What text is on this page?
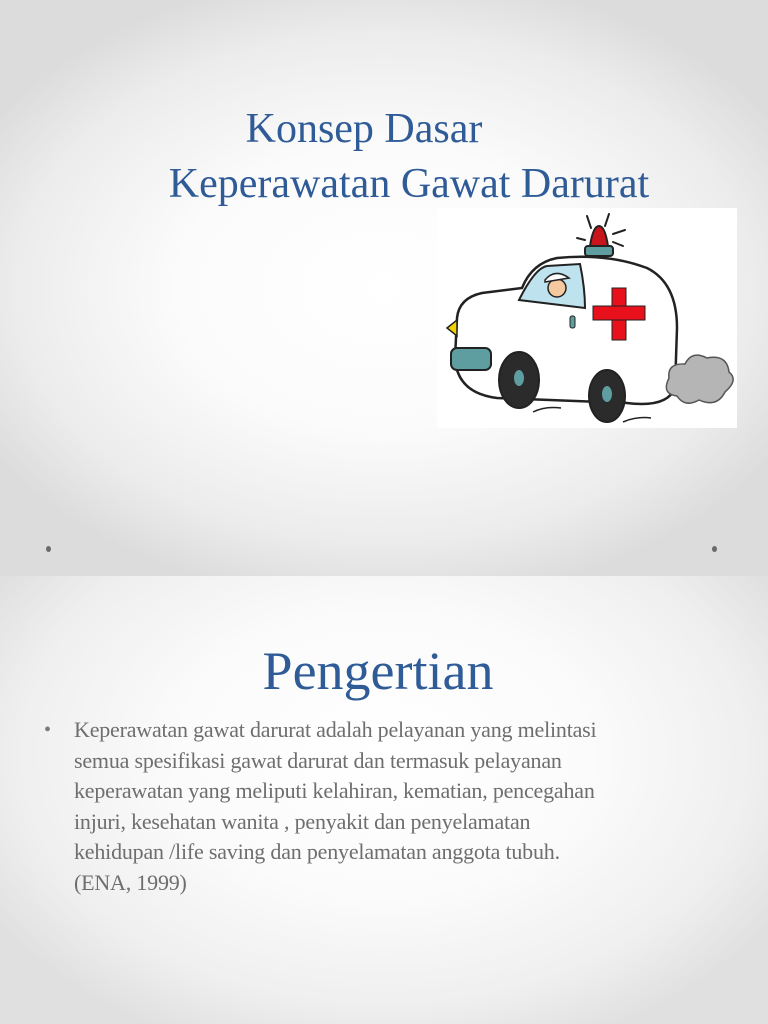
Konsep Dasar
Keperawatan Gawat Darurat
Pengertian
•	Keperawatan gawat darurat adalah pelayanan yang melintasi
semua spesifikasi gawat darurat dan termasuk pelayanan
keperawatan yang meliputi kelahiran, kematian, pencegahan
injuri, kesehatan wanita , penyakit dan penyelamatan
kehidupan /life saving dan penyelamatan anggota tubuh.
(ENA, 1999)
